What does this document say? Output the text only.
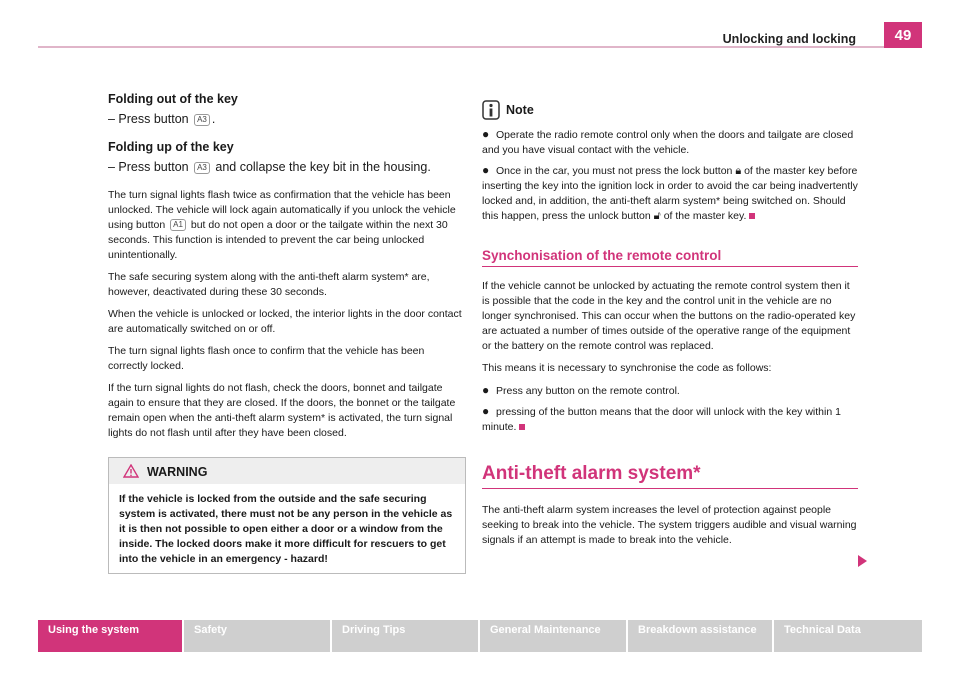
Unlocking and locking	49
Folding out of the key
– Press button A3 .
Folding up of the key
– Press button A3 and collapse the key bit in the housing.
The turn signal lights flash twice as confirmation that the vehicle has been unlocked. The vehicle will lock again automatically if you unlock the vehicle using button A1 but do not open a door or the tailgate within the next 30 seconds. This function is intended to prevent the car being unlocked unintentionally.
The safe securing system along with the anti-theft alarm system* are, however, deactivated during these 30 seconds.
When the vehicle is unlocked or locked, the interior lights in the door contact are automatically switched on or off.
The turn signal lights flash once to confirm that the vehicle has been correctly locked.
If the turn signal lights do not flash, check the doors, bonnet and tailgate again to ensure that they are closed. If the doors, the bonnet or the tailgate remain open when the anti-theft alarm system* is activated, the turn signal lights do not flash until after they have been closed.
WARNING
If the vehicle is locked from the outside and the safe securing system is activated, there must not be any person in the vehicle as it is then not possible to open either a door or a window from the inside. The locked doors make it more difficult for rescuers to get into the vehicle in an emergency - hazard!
Note
● Operate the radio remote control only when the doors and tailgate are closed and you have visual contact with the vehicle.
● Once in the car, you must not press the lock button 🔒︎ of the master key before inserting the key into the ignition lock in order to avoid the car being inadvertently locked and, in addition, the anti-theft alarm system* being switched on. Should this happen, press the unlock button 🔓︎ of the master key.
Synchonisation of the remote control
If the vehicle cannot be unlocked by actuating the remote control system then it is possible that the code in the key and the control unit in the vehicle are no longer synchronised. This can occur when the buttons on the radio-operated key are actuated a number of times outside of the operative range of the equipment or the battery on the remote control was replaced.
This means it is necessary to synchronise the code as follows:
● Press any button on the remote control.
● pressing of the button means that the door will unlock with the key within 1 minute.
Anti-theft alarm system*
The anti-theft alarm system increases the level of protection against people seeking to break into the vehicle. The system triggers audible and visual warning signals if an attempt is made to break into the vehicle.
Using the system	Safety	Driving Tips	General Maintenance	Breakdown assistance	Technical Data
